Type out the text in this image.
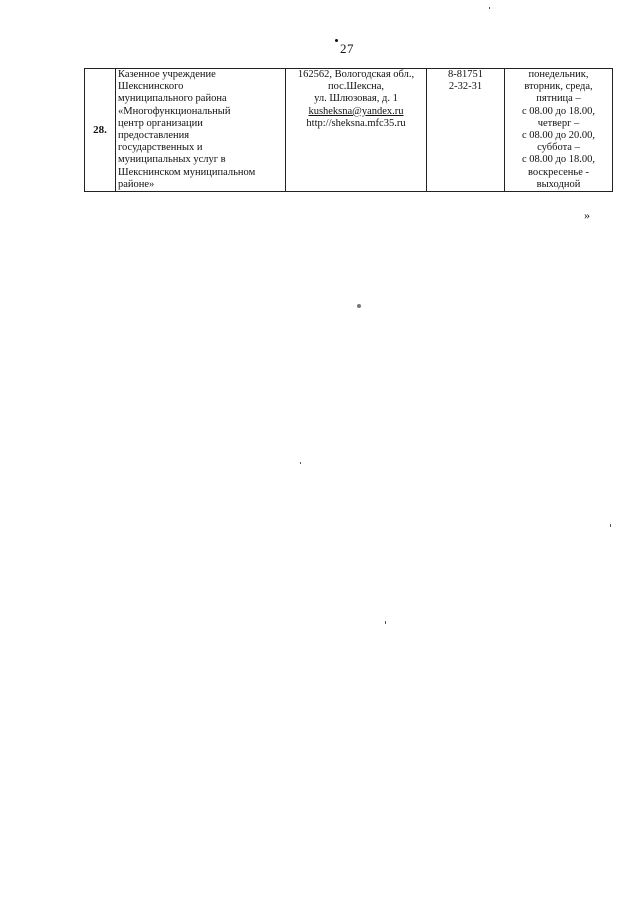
27
28.	
Казенное учреждение
Шекснинского
муниципального района
«Многофункциональный
центр организации
предоставления
государственных и
муниципальных услуг в
Шекснинском муниципальном
районе»

162562, Вологодская обл.,
пос.Шексна,
ул. Шлюзовая, д. 1
kusheksna@yandex.ru
http://sheksna.mfc35.ru

8-81751
2-32-31

понедельник,
вторник, среда,
пятница –
с 08.00 до 18.00,
четверг –
с 08.00 до 20.00,
суббота –
с 08.00 до 18.00,
воскресенье -
выходной
»
